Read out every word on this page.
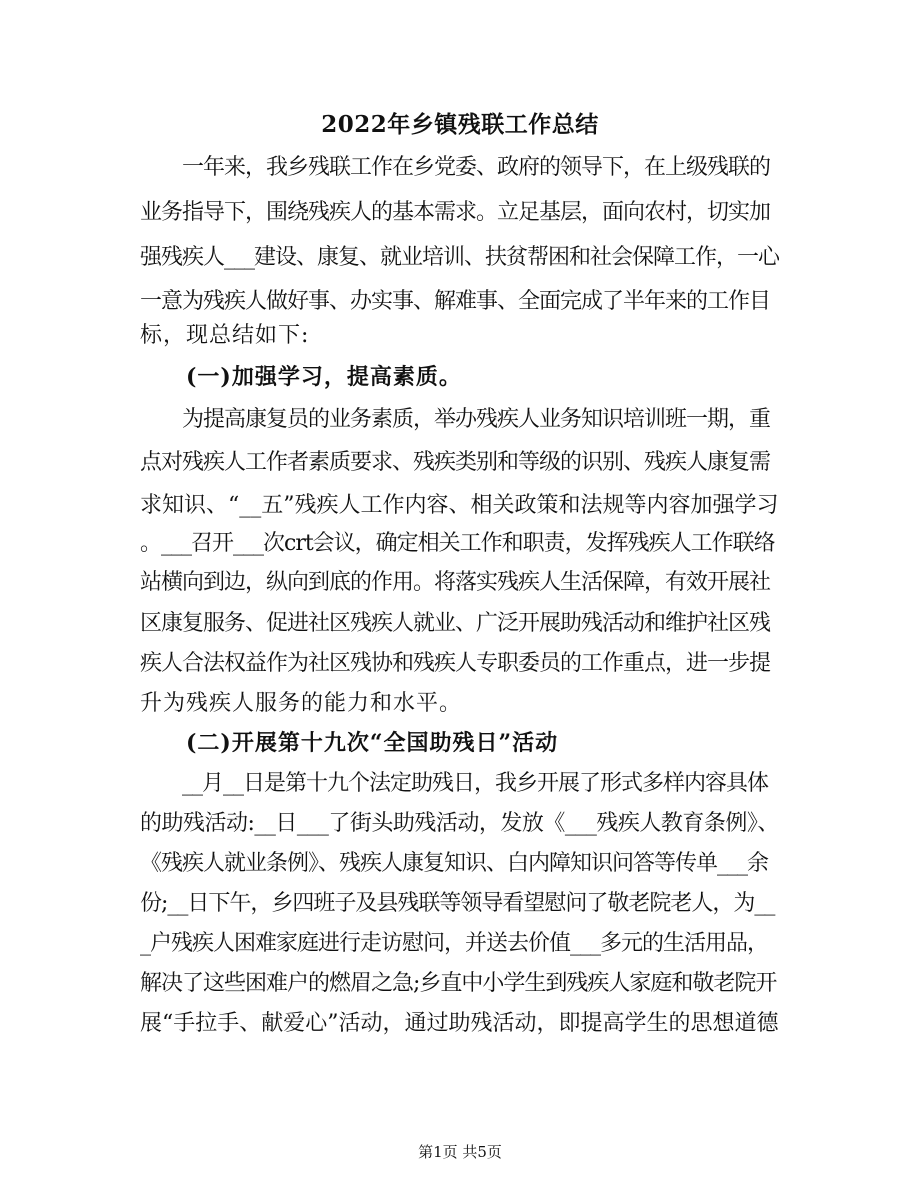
2022年乡镇残联工作总结
　　一年来，我乡残联工作在乡党委、政府的领导下，在上级残联的
业务指导下，围绕残疾人的基本需求。立足基层，面向农村，切实加
强残疾人___建设、康复、就业培训、扶贫帮困和社会保障工作，一心
一意为残疾人做好事、办实事、解难事、全面完成了半年来的工作目
标，现总结如下:
　　(一)加强学习，提高素质。
　　为提高康复员的业务素质，举办残疾人业务知识培训班一期，重
点对残疾人工作者素质要求、残疾类别和等级的识别、残疾人康复需
求知识、“__五”残疾人工作内容、相关政策和法规等内容加强学习
。___召开___次crt会议，确定相关工作和职责，发挥残疾人工作联络
站横向到边，纵向到底的作用。将落实残疾人生活保障，有效开展社
区康复服务、促进社区残疾人就业、广泛开展助残活动和维护社区残
疾人合法权益作为社区残协和残疾人专职委员的工作重点，进一步提
升为残疾人服务的能力和水平。
　　(二)开展第十九次“全国助残日”活动
　　__月__日是第十九个法定助残日，我乡开展了形式多样内容具体
的助残活动:__日___了街头助残活动，发放《___残疾人教育条例》、
《残疾人就业条例》、残疾人康复知识、白内障知识问答等传单___余
份;__日下午，乡四班子及县残联等领导看望慰问了敬老院老人，为__
_户残疾人困难家庭进行走访慰问，并送去价值___多元的生活用品，
解决了这些困难户的燃眉之急;乡直中小学生到残疾人家庭和敬老院开
展“手拉手、献爱心”活动，通过助残活动，即提高学生的思想道德
第1页 共5页
